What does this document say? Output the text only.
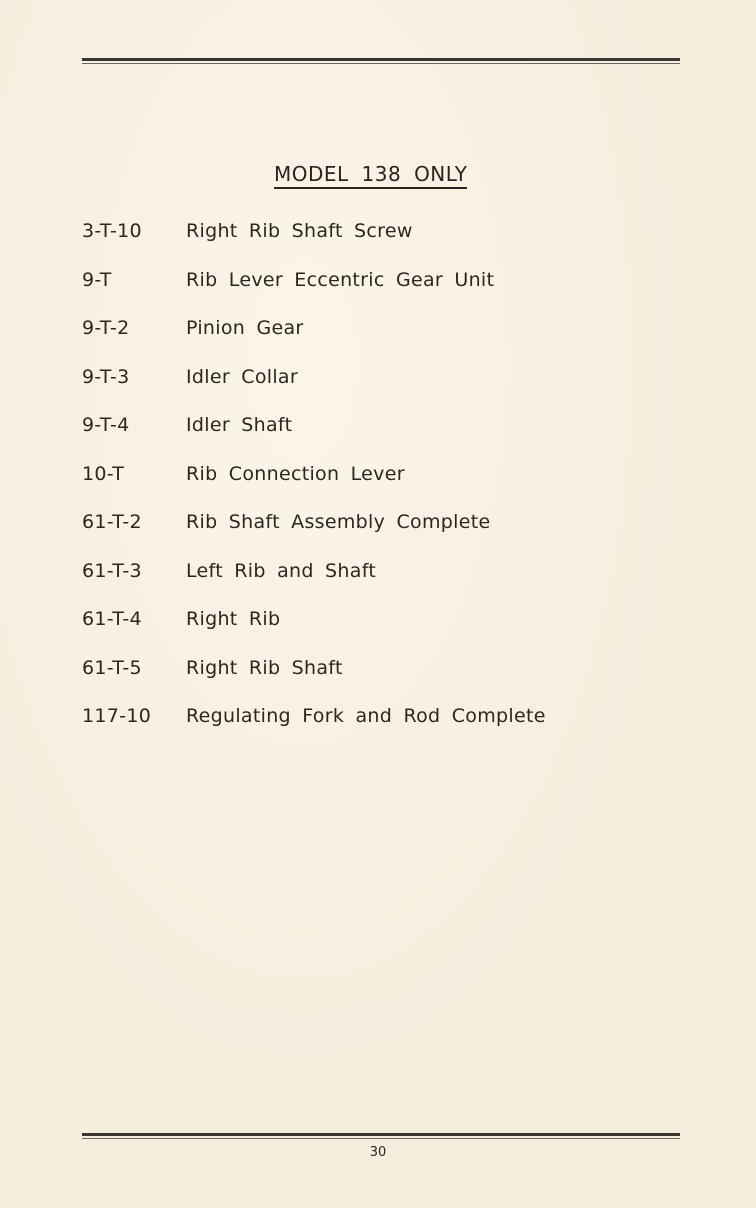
MODEL 138 ONLY
3-T-10	Right Rib Shaft Screw
9-T	Rib Lever Eccentric Gear Unit
9-T-2	Pinion Gear
9-T-3	Idler Collar
9-T-4	Idler Shaft
10-T	Rib Connection Lever
61-T-2	Rib Shaft Assembly Complete
61-T-3	Left Rib and Shaft
61-T-4	Right Rib
61-T-5	Right Rib Shaft
117-10	Regulating Fork and Rod Complete
30
